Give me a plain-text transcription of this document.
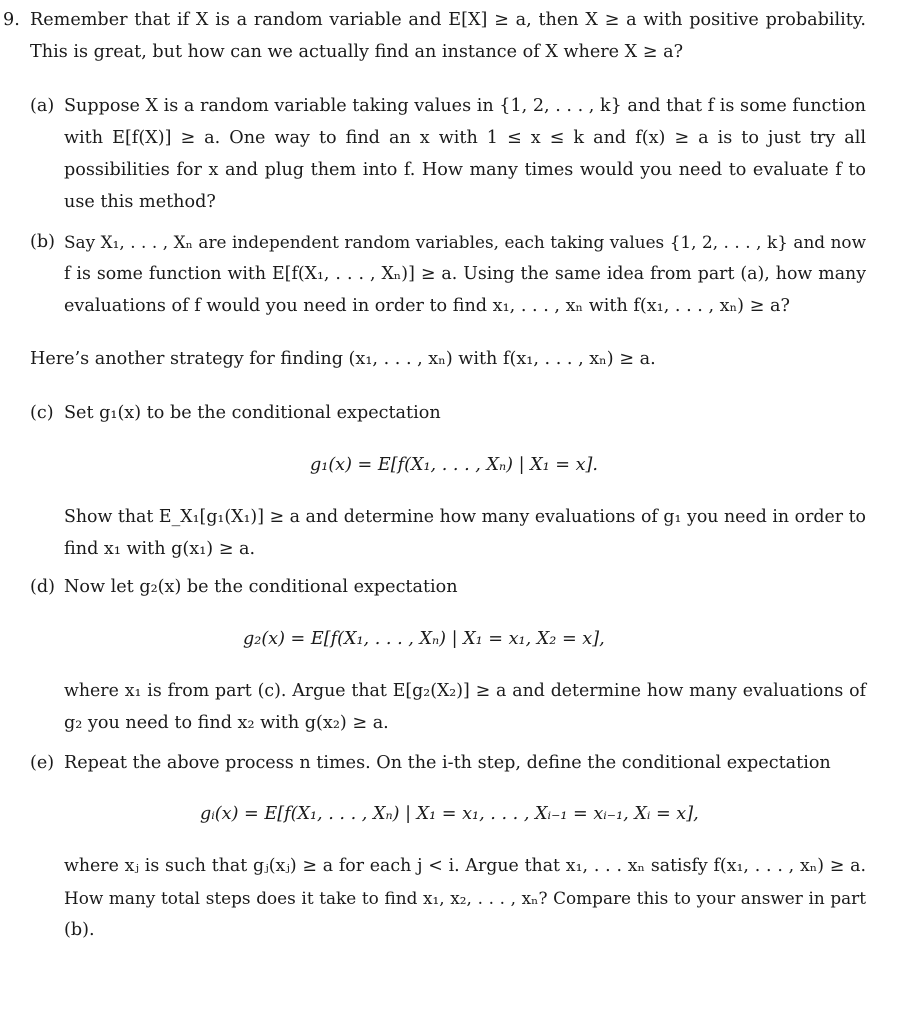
9. Remember that if X is a random variable and E[X] ≥ a, then X ≥ a with positive probability.

This is great, but how can we actually find an instance of X where X ≥ a?

(a) Suppose X is a random variable taking values in {1, 2, . . . , k} and that f is some function

with E[f(X)] ≥ a. One way to find an x with 1 ≤ x ≤ k and f(x) ≥ a is to just try all

possibilities for x and plug them into f. How many times would you need to evaluate f to

use this method?

(b) Say X₁, . . . , Xₙ are independent random variables, each taking values {1, 2, . . . , k} and now

f is some function with E[f(X₁, . . . , Xₙ)] ≥ a. Using the same idea from part (a), how many

evaluations of f would you need in order to find x₁, . . . , xₙ with f(x₁, . . . , xₙ) ≥ a?

Here’s another strategy for finding (x₁, . . . , xₙ) with f(x₁, . . . , xₙ) ≥ a.

(c) Set g₁(x) to be the conditional expectation

g₁(x) = E[f(X₁, . . . , Xₙ) | X₁ = x].

Show that E_X₁[g₁(X₁)] ≥ a and determine how many evaluations of g₁ you need in order to

find x₁ with g(x₁) ≥ a.

(d) Now let g₂(x) be the conditional expectation

g₂(x) = E[f(X₁, . . . , Xₙ) | X₁ = x₁, X₂ = x],

where x₁ is from part (c). Argue that E[g₂(X₂)] ≥ a and determine how many evaluations of

g₂ you need to find x₂ with g(x₂) ≥ a.

(e) Repeat the above process n times. On the i-th step, define the conditional expectation

gᵢ(x) = E[f(X₁, . . . , Xₙ) | X₁ = x₁, . . . , Xᵢ₋₁ = xᵢ₋₁, Xᵢ = x],

where xⱼ is such that gⱼ(xⱼ) ≥ a for each j < i. Argue that x₁, . . . xₙ satisfy f(x₁, . . . , xₙ) ≥ a.

How many total steps does it take to find x₁, x₂, . . . , xₙ? Compare this to your answer in part

(b).
